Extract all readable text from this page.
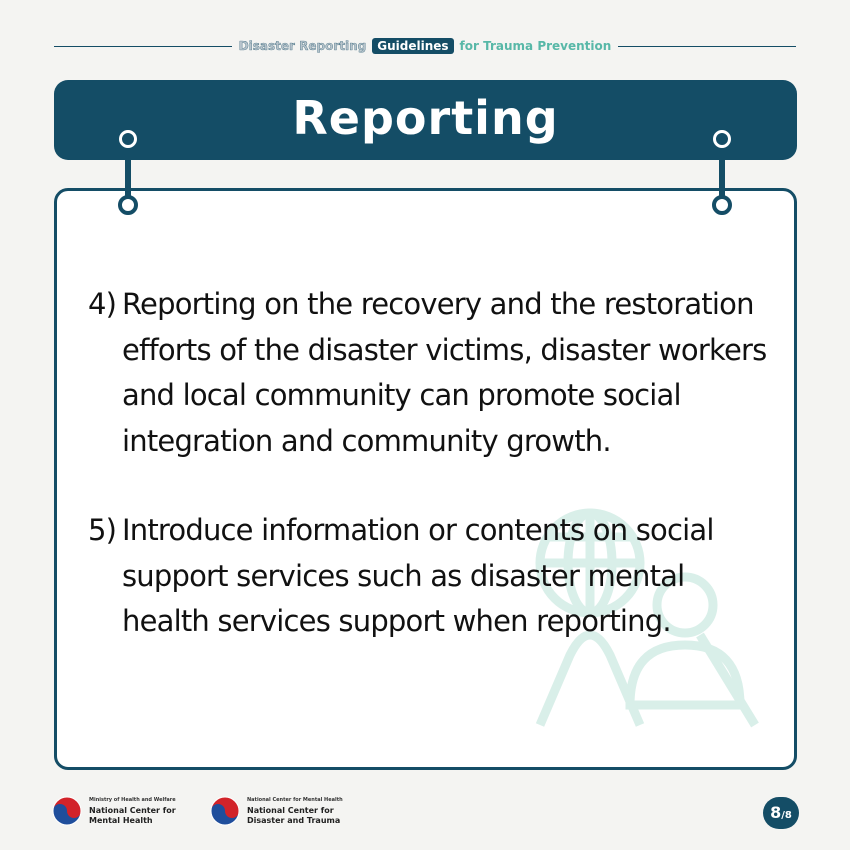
Disaster Reporting Guidelines for Trauma Prevention
Reporting
4) Reporting on the recovery and the restoration efforts of the disaster victims, disaster workers and local community can promote social integration and community growth.
5) Introduce information or contents on social support services such as disaster mental health services support when reporting.
Ministry of Health and Welfare
National Center for
Mental Health
National Center for Mental Health
National Center for
Disaster and Trauma	8 /8
